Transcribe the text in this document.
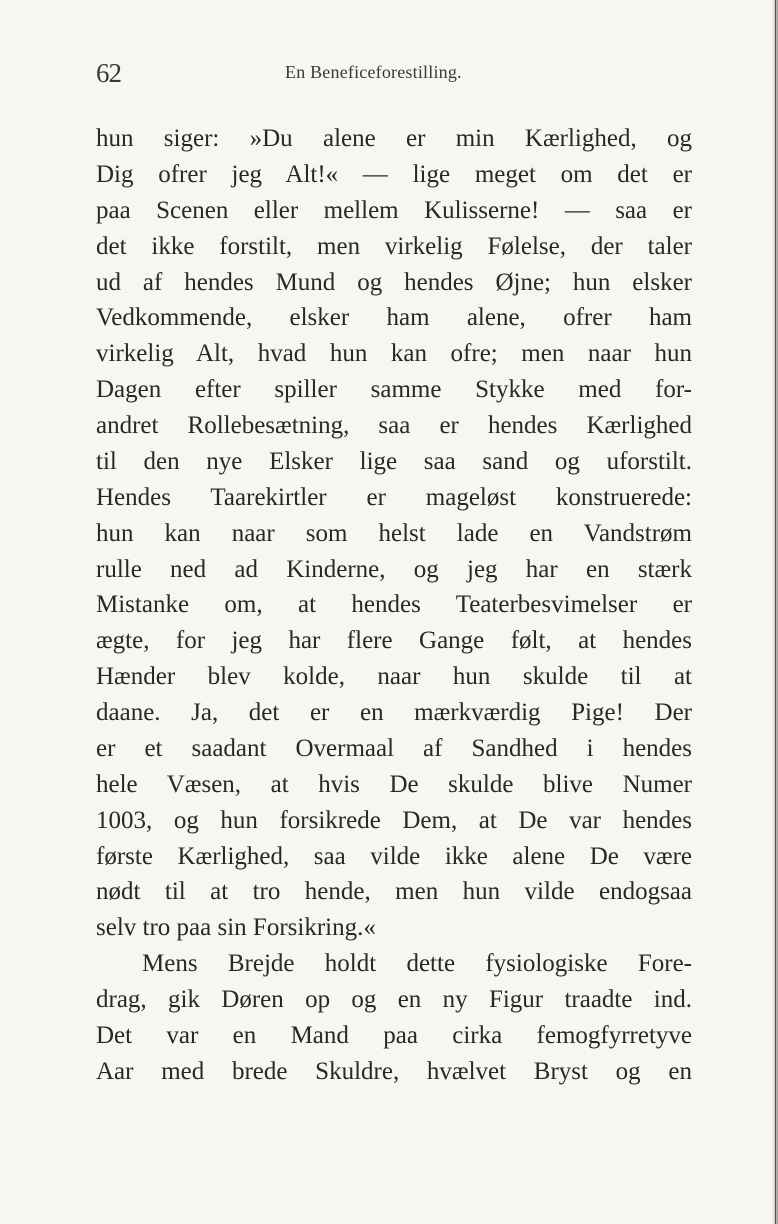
62	En Beneficeforestilling.
hun siger: »Du alene er min Kærlighed, og
Dig ofrer jeg Alt!« — lige meget om det er
paa Scenen eller mellem Kulisserne! — saa er
det ikke forstilt, men virkelig Følelse, der taler
ud af hendes Mund og hendes Øjne; hun elsker
Vedkommende, elsker ham alene, ofrer ham
virkelig Alt, hvad hun kan ofre; men naar hun
Dagen efter spiller samme Stykke med for-
andret Rollebesætning, saa er hendes Kærlighed
til den nye Elsker lige saa sand og uforstilt.
Hendes Taarekirtler er mageløst konstruerede:
hun kan naar som helst lade en Vandstrøm
rulle ned ad Kinderne, og jeg har en stærk
Mistanke om, at hendes Teaterbesvimelser er
ægte, for jeg har flere Gange følt, at hendes
Hænder blev kolde, naar hun skulde til at
daane. Ja, det er en mærkværdig Pige! Der
er et saadant Overmaal af Sandhed i hendes
hele Væsen, at hvis De skulde blive Numer
1003, og hun forsikrede Dem, at De var hendes
første Kærlighed, saa vilde ikke alene De være
nødt til at tro hende, men hun vilde endogsaa
selv tro paa sin Forsikring.«
Mens Brejde holdt dette fysiologiske Fore-
drag, gik Døren op og en ny Figur traadte ind.
Det var en Mand paa cirka femogfyrretyve
Aar med brede Skuldre, hvælvet Bryst og en
